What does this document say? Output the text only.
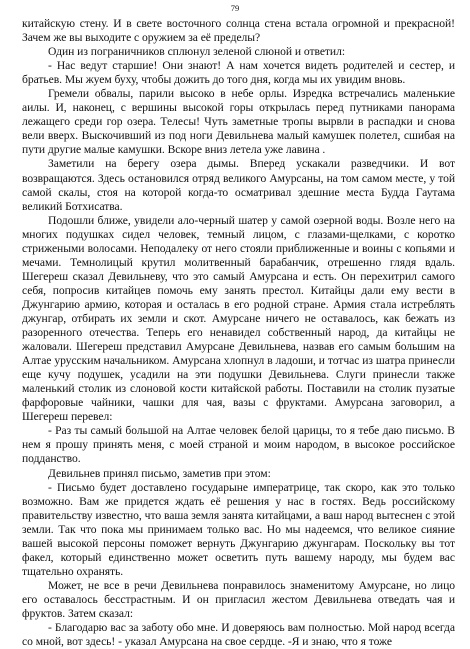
79

китайскую стену. И в свете восточного солнца стена встала огромной и прекрасной! Зачем же вы выходите с оружием за её пределы?

Один из пограничников сплюнул зеленой слюной и ответил:

- Нас ведут старшие! Они знают! А нам хочется видеть родителей и сестер, и братьев. Мы жуем буху, чтобы дожить до того дня, когда мы их увидим вновь.

Гремели обвалы, парили высоко в небе орлы. Изредка встречались маленькие аилы. И, наконец, с вершины высокой горы открылась перед путниками панорама лежащего среди гор озера. Телесы! Чуть заметные тропы вырвли в распадки и снова вели вверх. Выскочивший из под ноги Девильнева малый камушек полетел, сшибая на пути другие малые камушки. Вскоре вниз летела уже лавина .

Заметили на берегу озера дымы. Вперед ускакали разведчики. И вот возвращаются. Здесь остановился отряд великого Амурсаны, на том самом месте, у той самой скалы, стоя на которой когда-то осматривал здешние места Будда Гаутама великий Ботхисатва.

Подошли ближе, увидели ало-черный шатер у самой озерной воды. Возле него на многих подушках сидел человек, темный лицом, с глазами-щелками, с коротко стрижеными волосами. Неподалеку от него стояли приближенные и воины с копьями и мечами. Темнолицый крутил молитвенный барабанчик, отрешенно глядя вдаль. Шегереш сказал Девильневу, что это самый Амурсана и есть. Он перехитрил самого себя, попросив китайцев помочь ему занять престол. Китайцы дали ему вести в Джунгарию армию, которая и осталась в его родной стране. Армия стала истреблять джунгар, отбирать их земли и скот. Амурсане ничего не оставалось, как бежать из разоренного отечества. Теперь его ненавидел собственный народ, да китайцы не жаловали. Шегереш представил Амурсане Девильнева, назвав его самым большим на Алтае урусским начальником. Амурсана хлопнул в ладоши, и тотчас из шатра принесли еще кучу подушек, усадили на эти подушки Девильнева. Слуги принесли также маленький столик из слоновой кости китайской работы. Поставили на столик пузатые фарфоровые чайники, чашки для чая, вазы с фруктами. Амурсана заговорил, а Шегереш перевел:

- Раз ты самый большой на Алтае человек белой царицы, то я тебе даю письмо. В нем я прошу принять меня, с моей страной и моим народом, в высокое российское подданство.

Девильнев принял письмо, заметив при этом:

- Письмо будет доставлено государыне императрице, так скоро, как это только возможно. Вам же придется ждать её решения у нас в гостях. Ведь российскому правительству известно, что ваша земля занята китайцами, а ваш народ вытеснен с этой земли. Так что пока мы принимаем только вас. Но мы надеемся, что великое сияние вашей высокой персоны поможет вернуть Джунгарию джунгарам. Поскольку вы тот факел, который единственно может осветить путь вашему народу, мы будем вас тщательно охранять.

Может, не все в речи Девильнева понравилось знаменитому Амурсане, но лицо его оставалось бесстрастным. И он пригласил жестом Девильнева отведать чая и фруктов. Затем сказал:

- Благодарю вас за заботу обо мне. И доверяюсь вам полностью. Мой народ всегда со мной, вот здесь! - указал Амурсана на свое сердце. -Я и знаю, что я тоже
